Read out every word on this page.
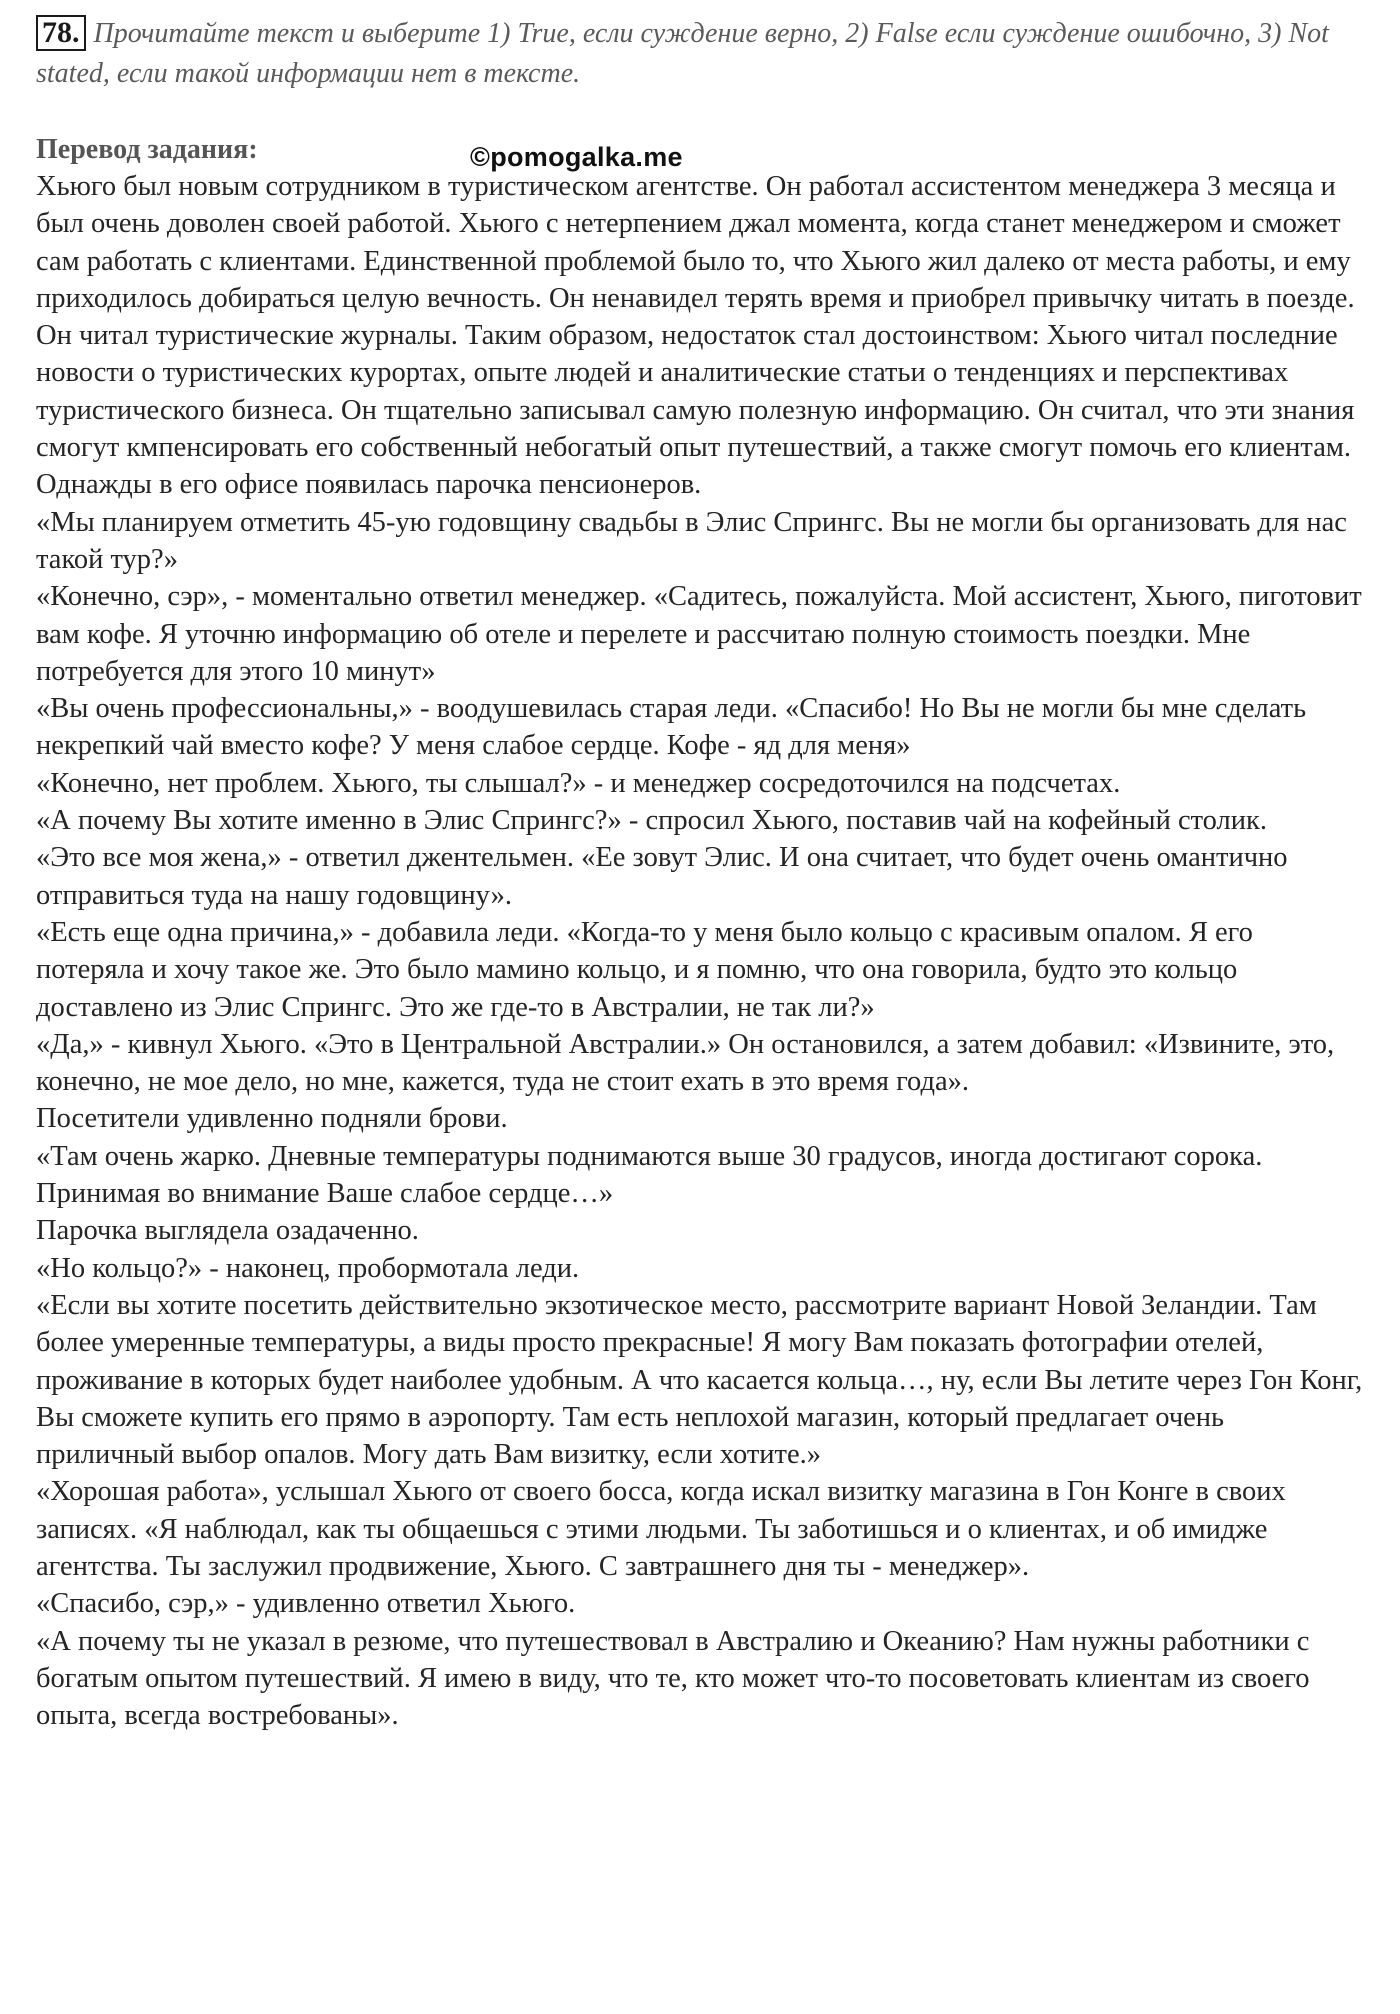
78. Прочитайте текст и выберите 1) True, если суждение верно, 2) False если суждение ошибочно, 3) Not stated, если такой информации нет в тексте.
Перевод задания:

Хьюго был новым сотрудником в туристическом агентстве. Он работал ассистентом менеджера 3 месяца и был очень доволен своей работой. Хьюго с нетерпением джал момента, когда станет менеджером и сможет сам работать с клиентами. Единственной проблемой было то, что Хьюго жил далеко от места работы, и ему приходилось добираться целую вечность. Он ненавидел терять время и приобрел привычку читать в поезде. Он читал туристические журналы. Таким образом, недостаток стал достоинством: Хьюго читал последние новости о туристических курортах, опыте людей и аналитические статьи о тенденциях и перспективах туристического бизнеса. Он тщательно записывал самую полезную информацию. Он считал, что эти знания смогут кмпенсировать его собственный небогатый опыт путешествий, а также смогут помочь его клиентам.

Однажды в его офисе появилась парочка пенсионеров.

«Мы планируем отметить 45-ую годовщину свадьбы в Элис Спрингс. Вы не могли бы организовать для нас такой тур?»

«Конечно, сэр», - моментально ответил менеджер. «Садитесь, пожалуйста. Мой ассистент, Хьюго, пиготовит вам кофе. Я уточню информацию об отеле и перелете и рассчитаю полную стоимость поездки. Мне потребуется для этого 10 минут»

«Вы очень профессиональны,» - воодушевилась старая леди. «Спасибо! Но Вы не могли бы мне сделать некрепкий чай вместо кофе? У меня слабое сердце. Кофе - яд для меня»

«Конечно, нет проблем. Хьюго, ты слышал?» - и менеджер сосредоточился на подсчетах.

«А почему Вы хотите именно в Элис Спрингс?» - спросил Хьюго, поставив чай на кофейный столик.

«Это все моя жена,» - ответил джентельмен. «Ее зовут Элис. И она считает, что будет очень омантично отправиться туда на нашу годовщину».

«Есть еще одна причина,» - добавила леди. «Когда-то у меня было кольцо с красивым опалом. Я его потеряла и хочу такое же. Это было мамино кольцо, и я помню, что она говорила, будто это кольцо доставлено из Элис Спрингс. Это же где-то в Австралии, не так ли?»

«Да,» - кивнул Хьюго. «Это в Центральной Австралии.» Он остановился, а затем добавил: «Извините, это, конечно, не мое дело, но мне, кажется, туда не стоит ехать в это время года».

Посетители удивленно подняли брови.

«Там очень жарко. Дневные температуры поднимаются выше 30 градусов, иногда достигают сорока. Принимая во внимание Ваше слабое сердце…»

Парочка выглядела озадаченно.

«Но кольцо?» - наконец, пробормотала леди.

«Если вы хотите посетить действительно экзотическое место, рассмотрите вариант Новой Зеландии. Там более умеренные температуры, а виды просто прекрасные! Я могу Вам показать фотографии отелей, проживание в которых будет наиболее удобным. А что касается кольца…, ну, если Вы летите через Гон Конг, Вы сможете купить его прямо в аэропорту. Там есть неплохой магазин, который предлагает очень приличный выбор опалов. Могу дать Вам визитку, если хотите.»

«Хорошая работа», услышал Хьюго от своего босса, когда искал визитку магазина в Гон Конге в своих записях. «Я наблюдал, как ты общаешься с этими людьми. Ты заботишься и о клиентах, и об имидже агентства. Ты заслужил продвижение, Хьюго. С завтрашнего дня ты - менеджер».

«Спасибо, сэр,» - удивленно ответил Хьюго.

«А почему ты не указал в резюме, что путешествовал в Австралию и Океанию? Нам нужны работники с богатым опытом путешествий. Я имею в виду, что те, кто может что-то посоветовать клиентам из своего опыта, всегда востребованы».

©pomogalka.me
